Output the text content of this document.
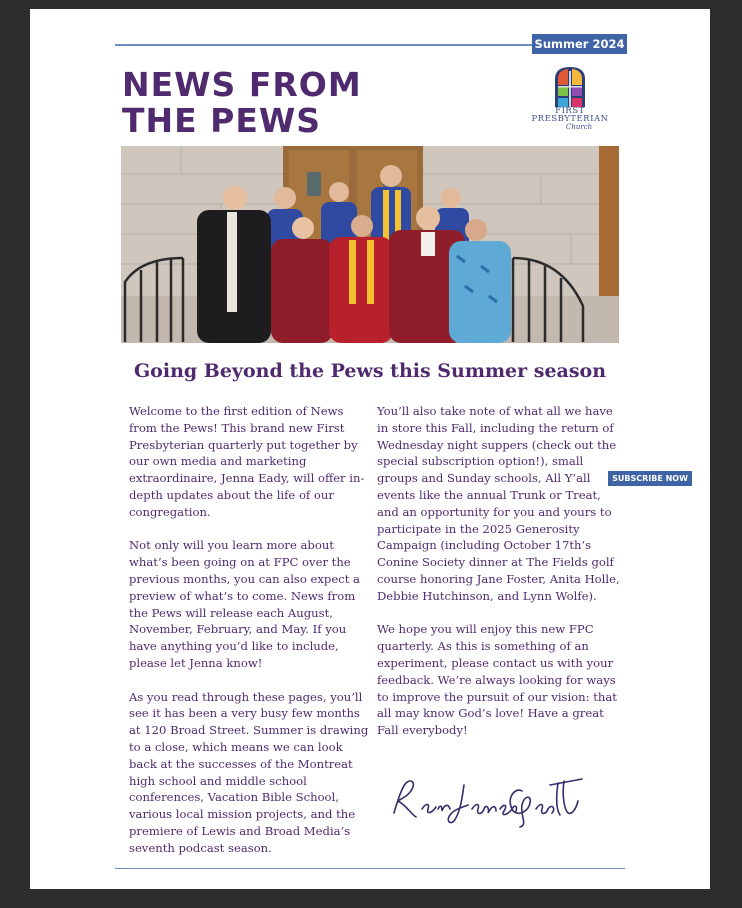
Summer 2024
NEWS FROM
THE PEWS	FIRST
PRESBYTERIAN
Church
SUBSCRIBE NOW
Going Beyond the Pews this Summer season

Welcome to the first edition of News from the Pews! This brand new First Presbyterian quarterly put together by our own media and marketing extraordinaire, Jenna Eady, will offer in-depth updates about the life of our congregation.

Not only will you learn more about what’s been going on at FPC over the previous months, you can also expect a preview of what’s to come. News from the Pews will release each August, November, February, and May. If you have anything you’d like to include, please let Jenna know!

As you read through these pages, you’ll see it has been a very busy few months at 120 Broad Street. Summer is drawing to a close, which means we can look back at the successes of the Montreat high school and middle school conferences, Vacation Bible School, various local mission projects, and the premiere of Lewis and Broad Media’s seventh podcast season.

You’ll also take note of what all we have in store this Fall, including the return of Wednesday night suppers (check out the special subscription option!), small groups and Sunday schools, All Y’all events like the annual Trunk or Treat, and an opportunity for you and yours to participate in the 2025 Generosity Campaign (including October 17th’s Conine Society dinner at The Fields golf course honoring Jane Foster, Anita Holle, Debbie Hutchinson, and Lynn Wolfe).

We hope you will enjoy this new FPC quarterly. As this is something of an experiment, please contact us with your feedback. We’re always looking for ways to improve the pursuit of our vision: that all may know God’s love! Have a great Fall everybody!
